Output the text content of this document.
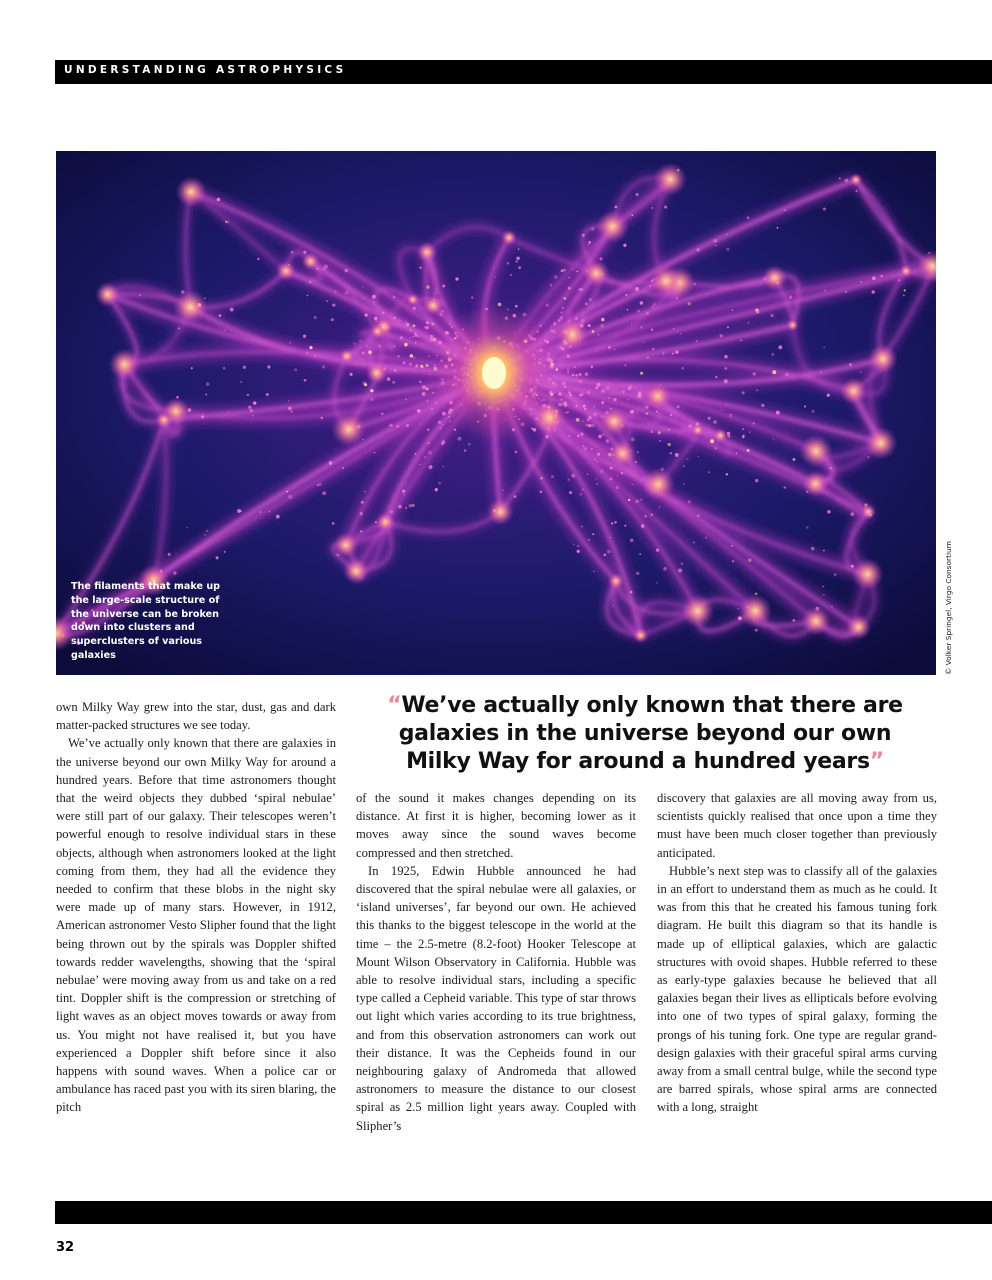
UNDERSTANDING ASTROPHYSICS
The filaments that make up the large-scale structure of the universe can be broken down into clusters and superclusters of various galaxies	© Volker Springel, Virgo Consortium

own Milky Way grew into the star, dust, gas and dark matter-packed structures we see today.

We’ve actually only known that there are galaxies in the universe beyond our own Milky Way for around a hundred years. Before that time astronomers thought that the weird objects they dubbed ‘spiral nebulae’ were still part of our galaxy. Their telescopes weren’t powerful enough to resolve individual stars in these objects, although when astronomers looked at the light coming from them, they had all the evidence they needed to confirm that these blobs in the night sky were made up of many stars. However, in 1912, American astronomer Vesto Slipher found that the light being thrown out by the spirals was Doppler shifted towards redder wavelengths, showing that the ‘spiral nebulae’ were moving away from us and take on a red tint. Doppler shift is the compression or stretching of light waves as an object moves towards or away from us. You might not have realised it, but you have experienced a Doppler shift before since it also happens with sound waves. When a police car or ambulance has raced past you with its siren blaring, the pitch

“We’ve actually only known that there are galaxies in the universe beyond our own Milky Way for around a hundred years”

of the sound it makes changes depending on its distance. At first it is higher, becoming lower as it moves away since the sound waves become compressed and then stretched.

In 1925, Edwin Hubble announced he had discovered that the spiral nebulae were all galaxies, or ‘island universes’, far beyond our own. He achieved this thanks to the biggest telescope in the world at the time – the 2.5-metre (8.2-foot) Hooker Telescope at Mount Wilson Observatory in California. Hubble was able to resolve individual stars, including a specific type called a Cepheid variable. This type of star throws out light which varies according to its true brightness, and from this observation astronomers can work out their distance. It was the Cepheids found in our neighbouring galaxy of Andromeda that allowed astronomers to measure the distance to our closest spiral as 2.5 million light years away. Coupled with Slipher’s

discovery that galaxies are all moving away from us, scientists quickly realised that once upon a time they must have been much closer together than previously anticipated.

Hubble’s next step was to classify all of the galaxies in an effort to understand them as much as he could. It was from this that he created his famous tuning fork diagram. He built this diagram so that its handle is made up of elliptical galaxies, which are galactic structures with ovoid shapes. Hubble referred to these as early-type galaxies because he believed that all galaxies began their lives as ellipticals before evolving into one of two types of spiral galaxy, forming the prongs of his tuning fork. One type are regular grand-design galaxies with their graceful spiral arms curving away from a small central bulge, while the second type are barred spirals, whose spiral arms are connected with a long, straight

32
